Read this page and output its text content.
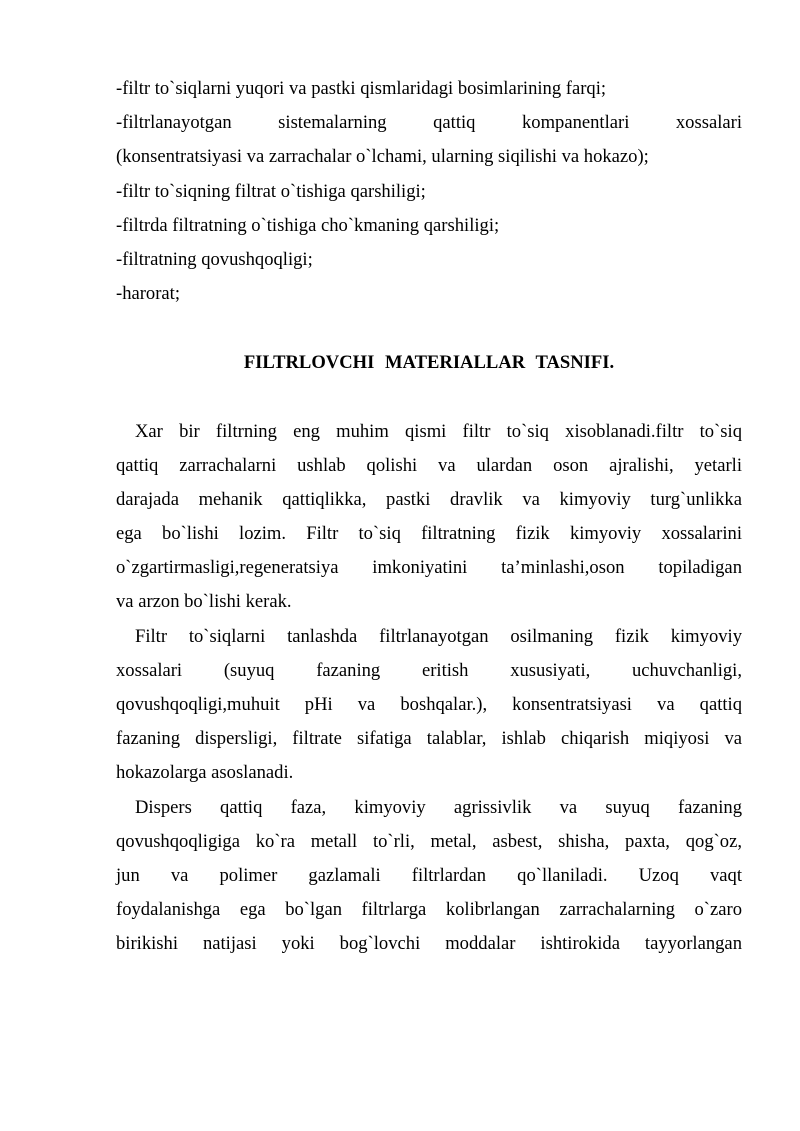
-filtr to`siqlarni yuqori va pastki qismlaridagi bosimlarining farqi;
-filtrlanayotgan sistemalarning qattiq kompanentlari xossalari
(konsentratsiyasi va zarrachalar o`lchami, ularning siqilishi va hokazo);
-filtr to`siqning filtrat o`tishiga qarshiligi;
-filtrda filtratning o`tishiga cho`kmaning qarshiligi;
-filtratning qovushqoqligi;
-harorat;
FILTRLOVCHI MATERIALLAR TASNIFI.
Xar bir filtrning eng muhim qismi filtr to`siq xisoblanadi.filtr to`siq
qattiq zarrachalarni ushlab qolishi va ulardan oson ajralishi, yetarli
darajada mehanik qattiqlikka, pastki dravlik va kimyoviy turg`unlikka
ega bo`lishi lozim. Filtr to`siq filtratning fizik kimyoviy xossalarini
o`zgartirmasligi,regeneratsiya imkoniyatini ta’minlashi,oson topiladigan
va arzon bo`lishi kerak.
Filtr to`siqlarni tanlashda filtrlanayotgan osilmaning fizik kimyoviy
xossalari (suyuq fazaning eritish xususiyati, uchuvchanligi,
qovushqoqligi,muhuit pHi va boshqalar.), konsentratsiyasi va qattiq
fazaning dispersligi, filtrate sifatiga talablar, ishlab chiqarish miqiyosi va
hokazolarga asoslanadi.
Dispers qattiq faza, kimyoviy agrissivlik va suyuq fazaning
qovushqoqligiga ko`ra metall to`rli, metal, asbest, shisha, paxta, qog`oz,
jun va polimer gazlamali filtrlardan qo`llaniladi. Uzoq vaqt
foydalanishga ega bo`lgan filtrlarga kolibrlangan zarrachalarning o`zaro
birikishi natijasi yoki bog`lovchi moddalar ishtirokida tayyorlangan
